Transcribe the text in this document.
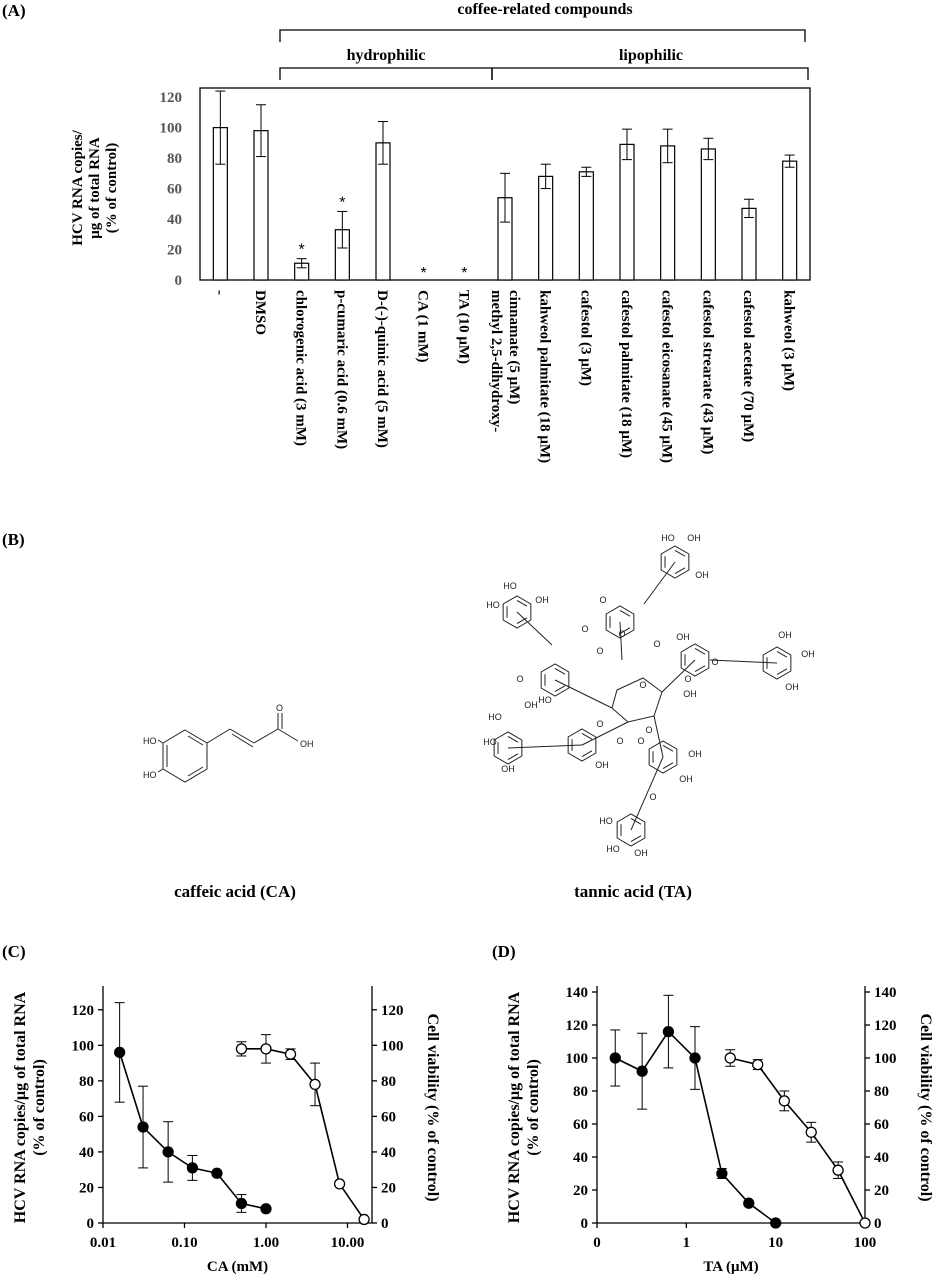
(A)	coffee-related compounds
hydrophilic	lipophilic
0
20
40
60
80
100
120
HCV RNA copies/μg of total RNA(% of control)
- DMSO
*
chlorogenic acid (3 mM)
*
p-cumaric acid (0.6 mM) D-(-)-quinic acid (5 mM)
*
CA (1 mM)
*
TA (10 μM) methyl 2,5-dihydroxy- cinnamate (5 μM) kahweol palmitate (18 μM) cafestol (3 μM) cafestol palmitate (18 μM) cafestol eicosanate (45 μM) cafestol strearate (43 μM) cafestol acetate (70 μM) kahweol (3 μM)
(B)
HO
HO
O
OH
caffeic acid (CA)
O
HO OH
OH
HO
HO
OH
OH
OH
O
OH
OH
OH
OH HO
O
HO
HO
OH	OH
OH
OH
HO
HO OH
O
O
O
O
O
O
O
O
O
O
O
tannic acid (TA)
(C)
0
20
40
60
80
100
120
0
20
40
60
80
100
120
0.01	0.10	1.00	10.00
CA (mM)
HCV RNA copies/μg of total RNA (% of control)	Cell viability (% of control)
(D)
0
20
40
60
80
100
120
140
0
20
40
60
80
100
120
140
0	1	10	100
TA (μM)
HCV RNA copies/μg of total RNA (% of control)	Cell viability (% of control)
